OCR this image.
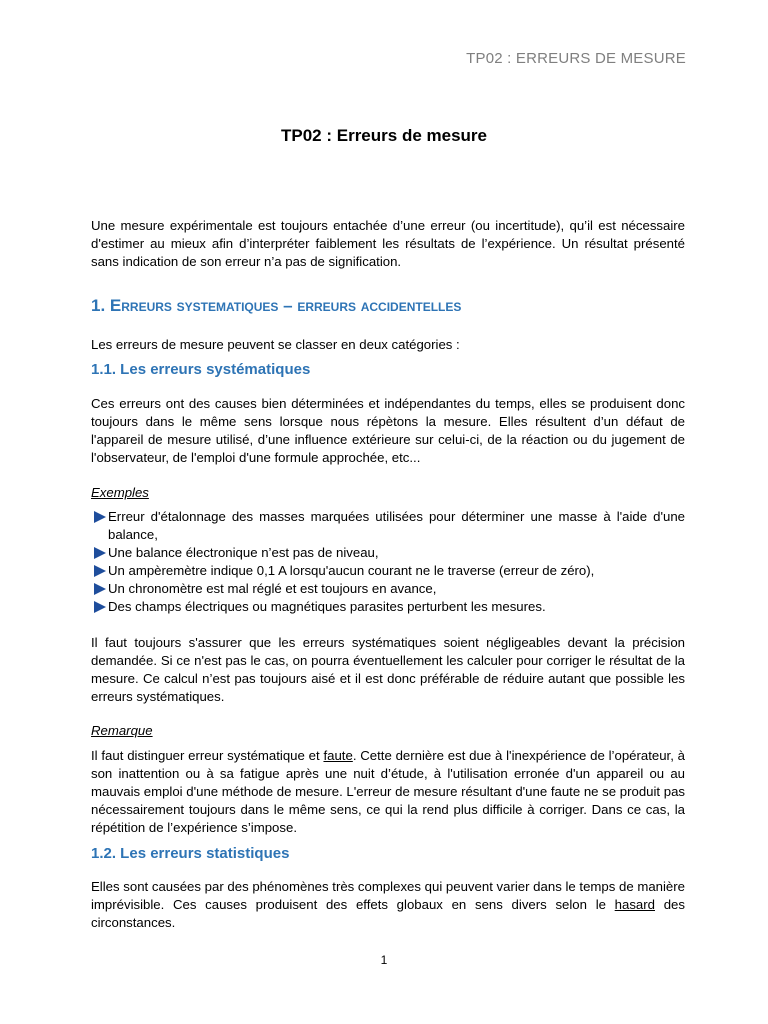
TP02 : ERREURS DE MESURE
TP02 : Erreurs de mesure

Une mesure expérimentale est toujours entachée d’une erreur (ou incertitude), qu’il est nécessaire d'estimer au mieux afin d’interpréter faiblement les résultats de l’expérience. Un résultat présenté sans indication de son erreur n’a pas de signification.

1. Erreurs systematiques – erreurs accidentelles

Les erreurs de mesure peuvent se classer en deux catégories :

1.1. Les erreurs systématiques

Ces erreurs ont des causes bien déterminées et indépendantes du temps, elles se produisent donc toujours dans le même sens lorsque nous répètons la mesure. Elles résultent d’un défaut de l'appareil de mesure utilisé, d’une influence extérieure sur celui-ci, de la réaction ou du jugement de l'observateur, de l'emploi d'une formule approchée, etc...

Exemples
Erreur d'étalonnage des masses marquées utilisées pour déterminer une masse à l'aide d'une balance,
Une balance électronique n’est pas de niveau,
Un ampèremètre indique 0,1 A lorsqu'aucun courant ne le traverse (erreur de zéro),
Un chronomètre est mal réglé et est toujours en avance,
Des champs électriques ou magnétiques parasites perturbent les mesures.

Il faut toujours s'assurer que les erreurs systématiques soient négligeables devant la précision demandée. Si ce n'est pas le cas, on pourra éventuellement les calculer pour corriger le résultat de la mesure. Ce calcul n’est pas toujours aisé et il est donc préférable de réduire autant que possible les erreurs systématiques.

Remarque

Il faut distinguer erreur systématique et faute. Cette dernière est due à l'inexpérience de l’opérateur, à son inattention ou à sa fatigue après une nuit d’étude, à l'utilisation erronée d'un appareil ou au mauvais emploi d'une méthode de mesure. L'erreur de mesure résultant d'une faute ne se produit pas nécessairement toujours dans le même sens, ce qui la rend plus difficile à corriger. Dans ce cas, la répétition de l’expérience s’impose.

1.2. Les erreurs statistiques

Elles sont causées par des phénomènes très complexes qui peuvent varier dans le temps de manière imprévisible. Ces causes produisent des effets globaux en sens divers selon le hasard des circonstances.

1
